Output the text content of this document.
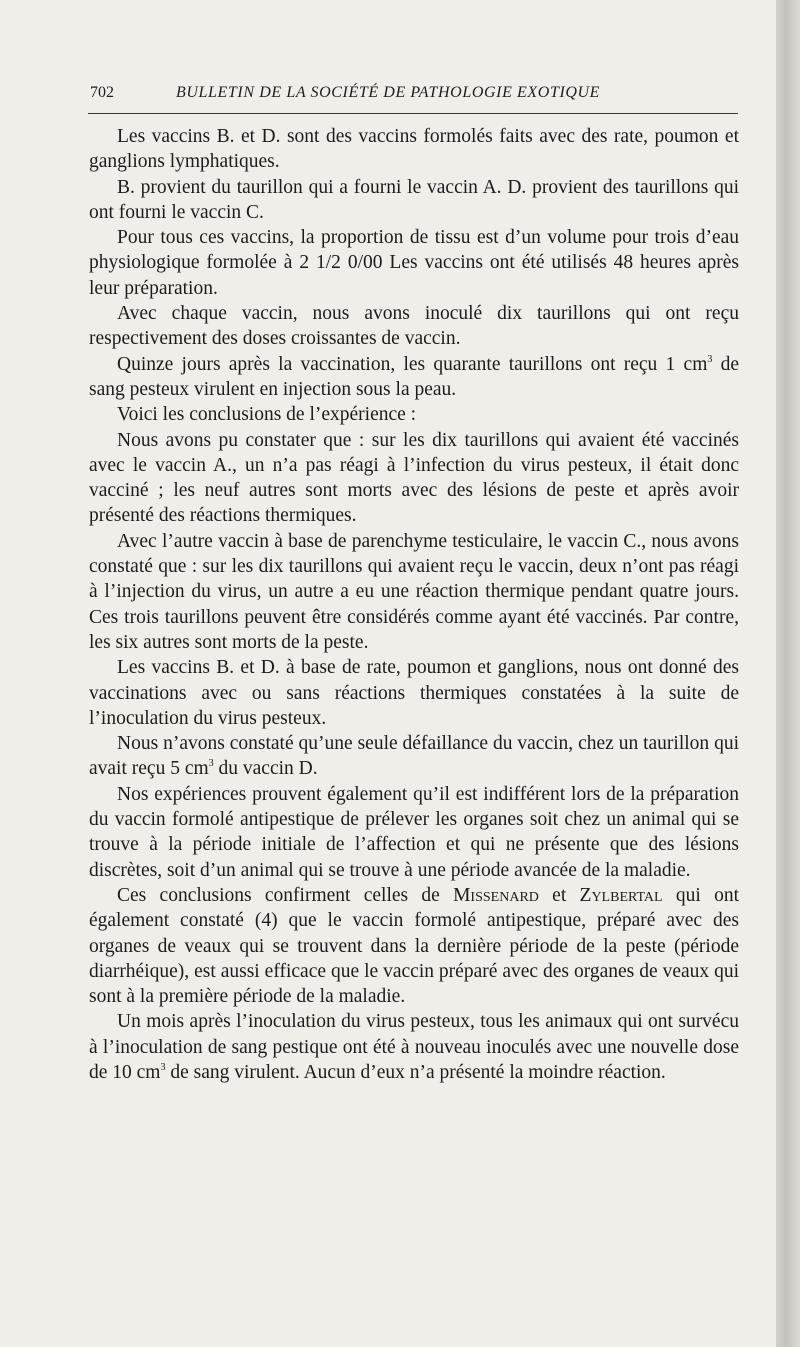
702	BULLETIN DE LA SOCIÉTÉ DE PATHOLOGIE EXOTIQUE

Les vaccins B. et D. sont des vaccins formolés faits avec des rate, poumon et ganglions lymphatiques.

B. provient du taurillon qui a fourni le vaccin A. D. provient des taurillons qui ont fourni le vaccin C.

Pour tous ces vaccins, la proportion de tissu est d’un volume pour trois d’eau physiologique formolée à 2 1/2 0/00 Les vaccins ont été utilisés 48 heures après leur préparation.

Avec chaque vaccin, nous avons inoculé dix taurillons qui ont reçu respectivement des doses croissantes de vaccin.

Quinze jours après la vaccination, les quarante taurillons ont reçu 1 $cm^3$ de sang pesteux virulent en injection sous la peau.

Voici les conclusions de l’expérience :

Nous avons pu constater que : sur les dix taurillons qui avaient été vaccinés avec le vaccin A., un n’a pas réagi à l’infection du virus pesteux, il était donc vacciné ; les neuf autres sont morts avec des lésions de peste et après avoir présenté des réactions thermiques.

Avec l’autre vaccin à base de parenchyme testiculaire, le vaccin C., nous avons constaté que : sur les dix taurillons qui avaient reçu le vaccin, deux n’ont pas réagi à l’injection du virus, un autre a eu une réaction thermique pendant quatre jours. Ces trois taurillons peuvent être considérés comme ayant été vaccinés. Par contre, les six autres sont morts de la peste.

Les vaccins B. et D. à base de rate, poumon et ganglions, nous ont donné des vaccinations avec ou sans réactions thermiques constatées à la suite de l’inoculation du virus pesteux.

Nous n’avons constaté qu’une seule défaillance du vaccin, chez un taurillon qui avait reçu 5 $cm^3$ du vaccin D.

Nos expériences prouvent également qu’il est indifférent lors de la préparation du vaccin formolé antipestique de prélever les organes soit chez un animal qui se trouve à la période initiale de l’affection et qui ne présente que des lésions discrètes, soit d’un animal qui se trouve à une période avancée de la maladie.

Ces conclusions confirment celles de Missenard et Zylbertal qui ont également constaté (4) que le vaccin formolé antipestique, préparé avec des organes de veaux qui se trouvent dans la dernière période de la peste (période diarrhéique), est aussi efficace que le vaccin préparé avec des organes de veaux qui sont à la première période de la maladie.

Un mois après l’inoculation du virus pesteux, tous les animaux qui ont survécu à l’inoculation de sang pestique ont été à nouveau inoculés avec une nouvelle dose de 10 $cm^3$ de sang virulent. Aucun d’eux n’a présenté la moindre réaction.
